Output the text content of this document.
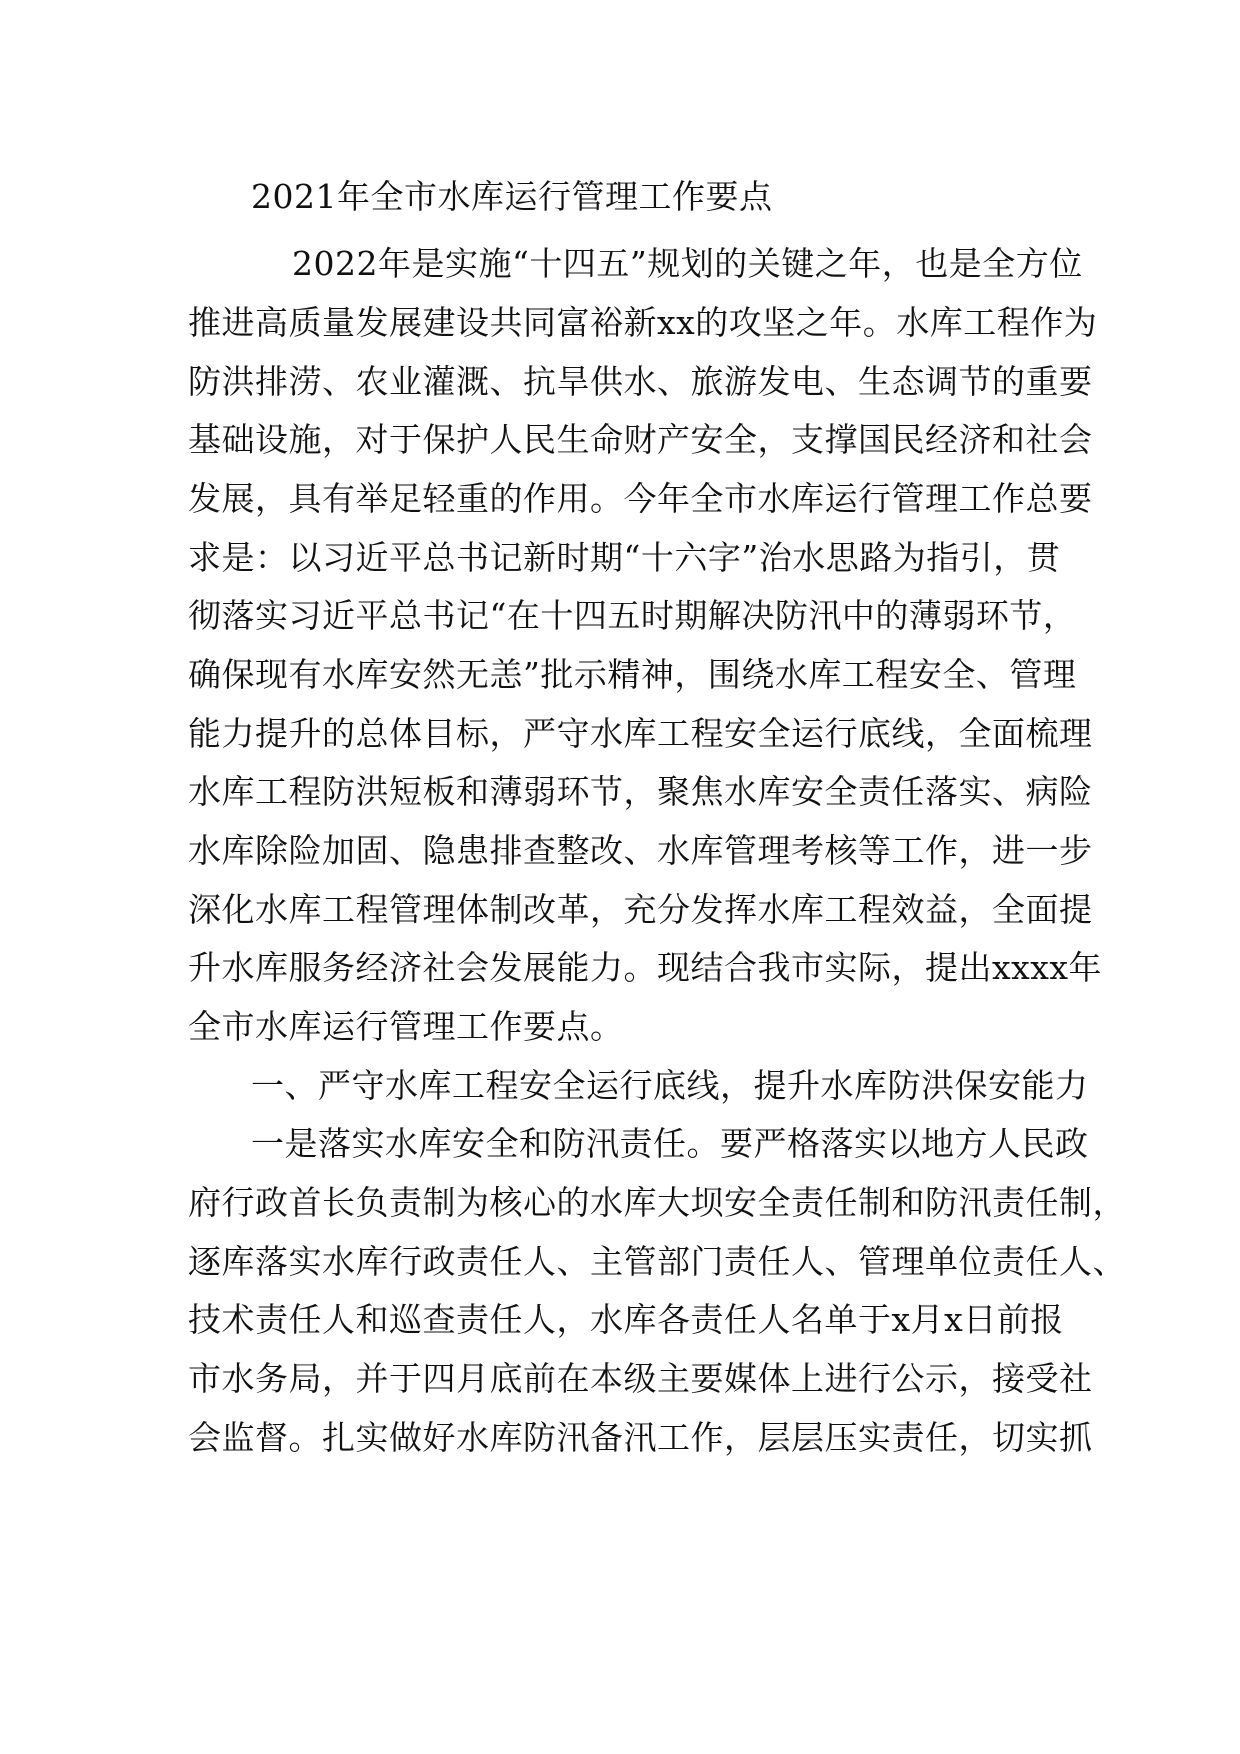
2021年全市水库运行管理工作要点
2022年是实施“十四五”规划的关键之年，也是全方位
推进高质量发展建设共同富裕新xx的攻坚之年。水库工程作为
防洪排涝、农业灌溉、抗旱供水、旅游发电、生态调节的重要
基础设施，对于保护人民生命财产安全，支撑国民经济和社会
发展，具有举足轻重的作用。今年全市水库运行管理工作总要
求是：以习近平总书记新时期“十六字”治水思路为指引，贯
彻落实习近平总书记“在十四五时期解决防汛中的薄弱环节，
确保现有水库安然无恙”批示精神，围绕水库工程安全、管理
能力提升的总体目标，严守水库工程安全运行底线，全面梳理
水库工程防洪短板和薄弱环节，聚焦水库安全责任落实、病险
水库除险加固、隐患排查整改、水库管理考核等工作，进一步
深化水库工程管理体制改革，充分发挥水库工程效益，全面提
升水库服务经济社会发展能力。现结合我市实际，提出xxxx年
全市水库运行管理工作要点。
一、严守水库工程安全运行底线，提升水库防洪保安能力
一是落实水库安全和防汛责任。要严格落实以地方人民政
府行政首长负责制为核心的水库大坝安全责任制和防汛责任制，
逐库落实水库行政责任人、主管部门责任人、管理单位责任人、
技术责任人和巡查责任人，水库各责任人名单于x月x日前报
市水务局，并于四月底前在本级主要媒体上进行公示，接受社
会监督。扎实做好水库防汛备汛工作，层层压实责任，切实抓
